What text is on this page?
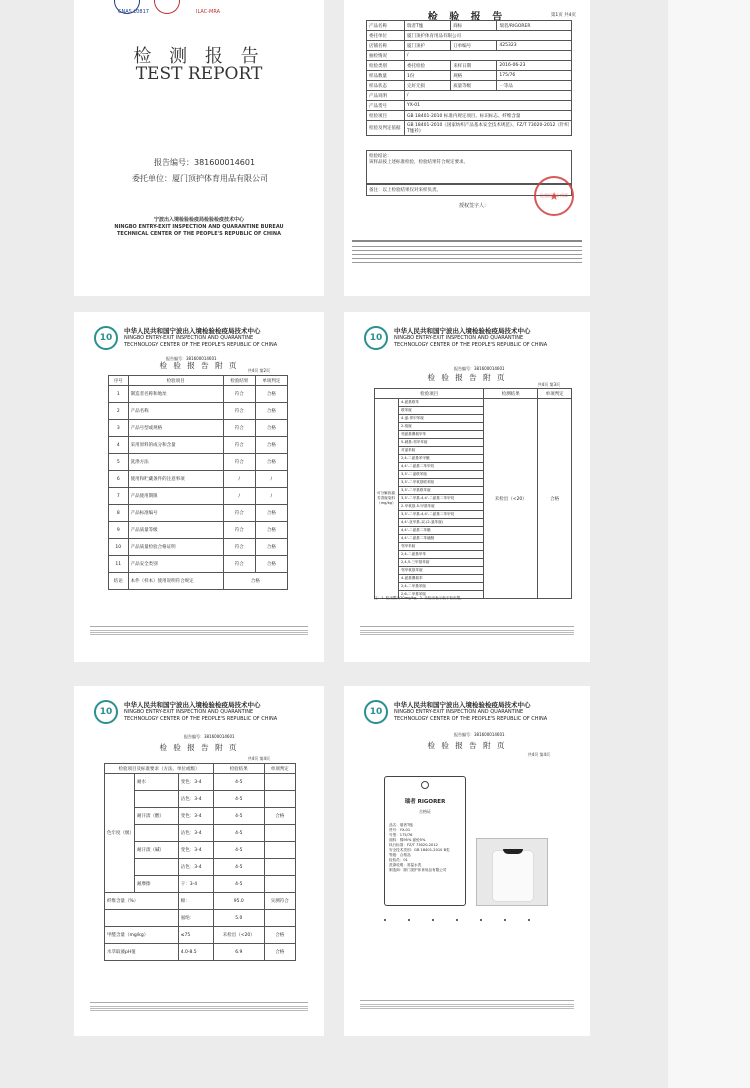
CNAS L0817	ILAC-MRA
检 测 报 告
TEST REPORT
报告编号：381600014601
委托单位：厦门顶护体育用品有限公司
宁波出入境检验检疫局检验检疫技术中心
NINGBO ENTRY-EXIT INSPECTION AND QUARANTINE BUREAU
TECHNICAL CENTER OF THE PEOPLE'S REPUBLIC OF CHINA
检 验 报 告	第1页 共4页
产品名称	瑞者T恤	商标	瑞者/RIGORER
委托单位	厦门顶护体育用品有限公司		
店铺名称	厦门顶护	订单编号	425323
抽检情况	/		
检验类别	委托检验	来样日期	2016-06-23
样品数量	1份	规格	175/76
样品状态	完好无损	质量等级	一等品
产品说明	/		
产品货号	YX-01		
检验项目	GB 18401-2010 标准内规定项目、标识标志、纤维含量		
检验及判定依据	GB 18401-2010《国家纺织产品基本安全技术规范》、FZ/T 73020-2012《针织T恤衫》		
检验结论：
该样品按上述标准检验，检验结果符合规定要求。
备注：以上检验结果仅对来样负责。
授权签字人：
★ 检验检测专用章
10
中华人民共和国宁波出入境检验检疫局技术中心
NINGBO ENTRY-EXIT INSPECTION AND QUARANTINE
TECHNOLOGY CENTER OF THE PEOPLE'S REPUBLIC OF CHINA
报告编号：381600014601
检 验 报 告 附 页
共4页 第2页
序号	检验项目	检验结果	单项判定
1	制造者名称和地址	符合	合格
2	产品名称	符合	合格
3	产品号型或规格	符合	合格
4	采用原料的成分和含量	符合	合格
5	洗涤方法	符合	合格
6	使用和贮藏条件的注意事项	/	/
7	产品使用期限	/	/
8	产品标准编号	符合	合格
9	产品质量等级	符合	合格
10	产品质量检验合格证明	符合	合格
11	产品安全类别	符合	合格
结论	本件（样本）使用说明符合规定	合格	
10
中华人民共和国宁波出入境检验检疫局技术中心
NINGBO ENTRY-EXIT INSPECTION AND QUARANTINE
TECHNOLOGY CENTER OF THE PEOPLE'S REPUBLIC OF CHINA
报告编号：381600014601
检 验 报 告 附 页
共4页 第3页
检验项目		检测结果	单项判定
可分解致癌芳香胺染料（mg/kg）	4-氨基联苯	未检出（<20）	合格
	联苯胺		
	4-氯-邻甲苯胺		
	2-萘胺		
	邻氨基偶氮甲苯		
	5-硝基-邻甲苯胺		
	对氯苯胺		
	2,4-二氨基苯甲醚		
	4,4'-二氨基二苯甲烷		
	3,3'-二氯联苯胺		
	3,3'-二甲氧基联苯胺		
	3,3'-二甲基联苯胺		
	3,3'-二甲基-4,4'-二氨基二苯甲烷		
	2-甲氧基-5-甲基苯胺		
	3,3'-二甲基-4,4'-二氨基二苯甲烷		
	4,4'-亚甲基-双-(2-氯苯胺)		
	4,4'-二氨基二苯醚		
	4,4'-二氨基二苯硫醚		
	邻甲苯胺		
	2,4-二氨基甲苯		
	2,4,5-三甲基苯胺		
	邻甲氧基苯胺		
	4-氨基偶氮苯		
	2,4-二甲基苯胺		
	2,6-二甲基苯胺		
注：1. 检出限为20mg/kg；2. 未检出表示低于检出限。
10
中华人民共和国宁波出入境检验检疫局技术中心
NINGBO ENTRY-EXIT INSPECTION AND QUARANTINE
TECHNOLOGY CENTER OF THE PEOPLE'S REPUBLIC OF CHINA
报告编号：381600014601
检 验 报 告 附 页
共4页 第4页
检验项目及标准要求（方法、单位或级）			检验结果	单项判定
色牢度（级）	耐水	变色：3-4	4-5	
		沾色：3-4	4-5	
	耐汗渍（酸）	变色：3-4	4-5	合格
		沾色：3-4	4-5	
	耐汗渍（碱）	变色：3-4	4-5	
		沾色：3-4	4-5	
	耐摩擦	干：3-4	4-5	
纤维含量（%）		棉：	95.0	实测符合
		氨纶：	5.0	
甲醛含量（mg/kg）		≤75	未检出（<20）	合格
水萃取液pH值		4.0-8.5	6.9	合格
10
中华人民共和国宁波出入境检验检疫局技术中心
NINGBO ENTRY-EXIT INSPECTION AND QUARANTINE
TECHNOLOGY CENTER OF THE PEOPLE'S REPUBLIC OF CHINA
报告编号：381600014601
检 验 报 告 附 页
共4页 第4页
瑞者 RIGORER
合格证
品名：瑞者T恤
货号：YX-01
号型：175/76
面料：棉95% 氨纶5%
执行标准：FZ/T 73020-2012
安全技术类别：GB 18401-2010 B类
等级：合格品
检验员：01
洗涤说明：常温水洗
制造商：厦门顶护体育用品有限公司
